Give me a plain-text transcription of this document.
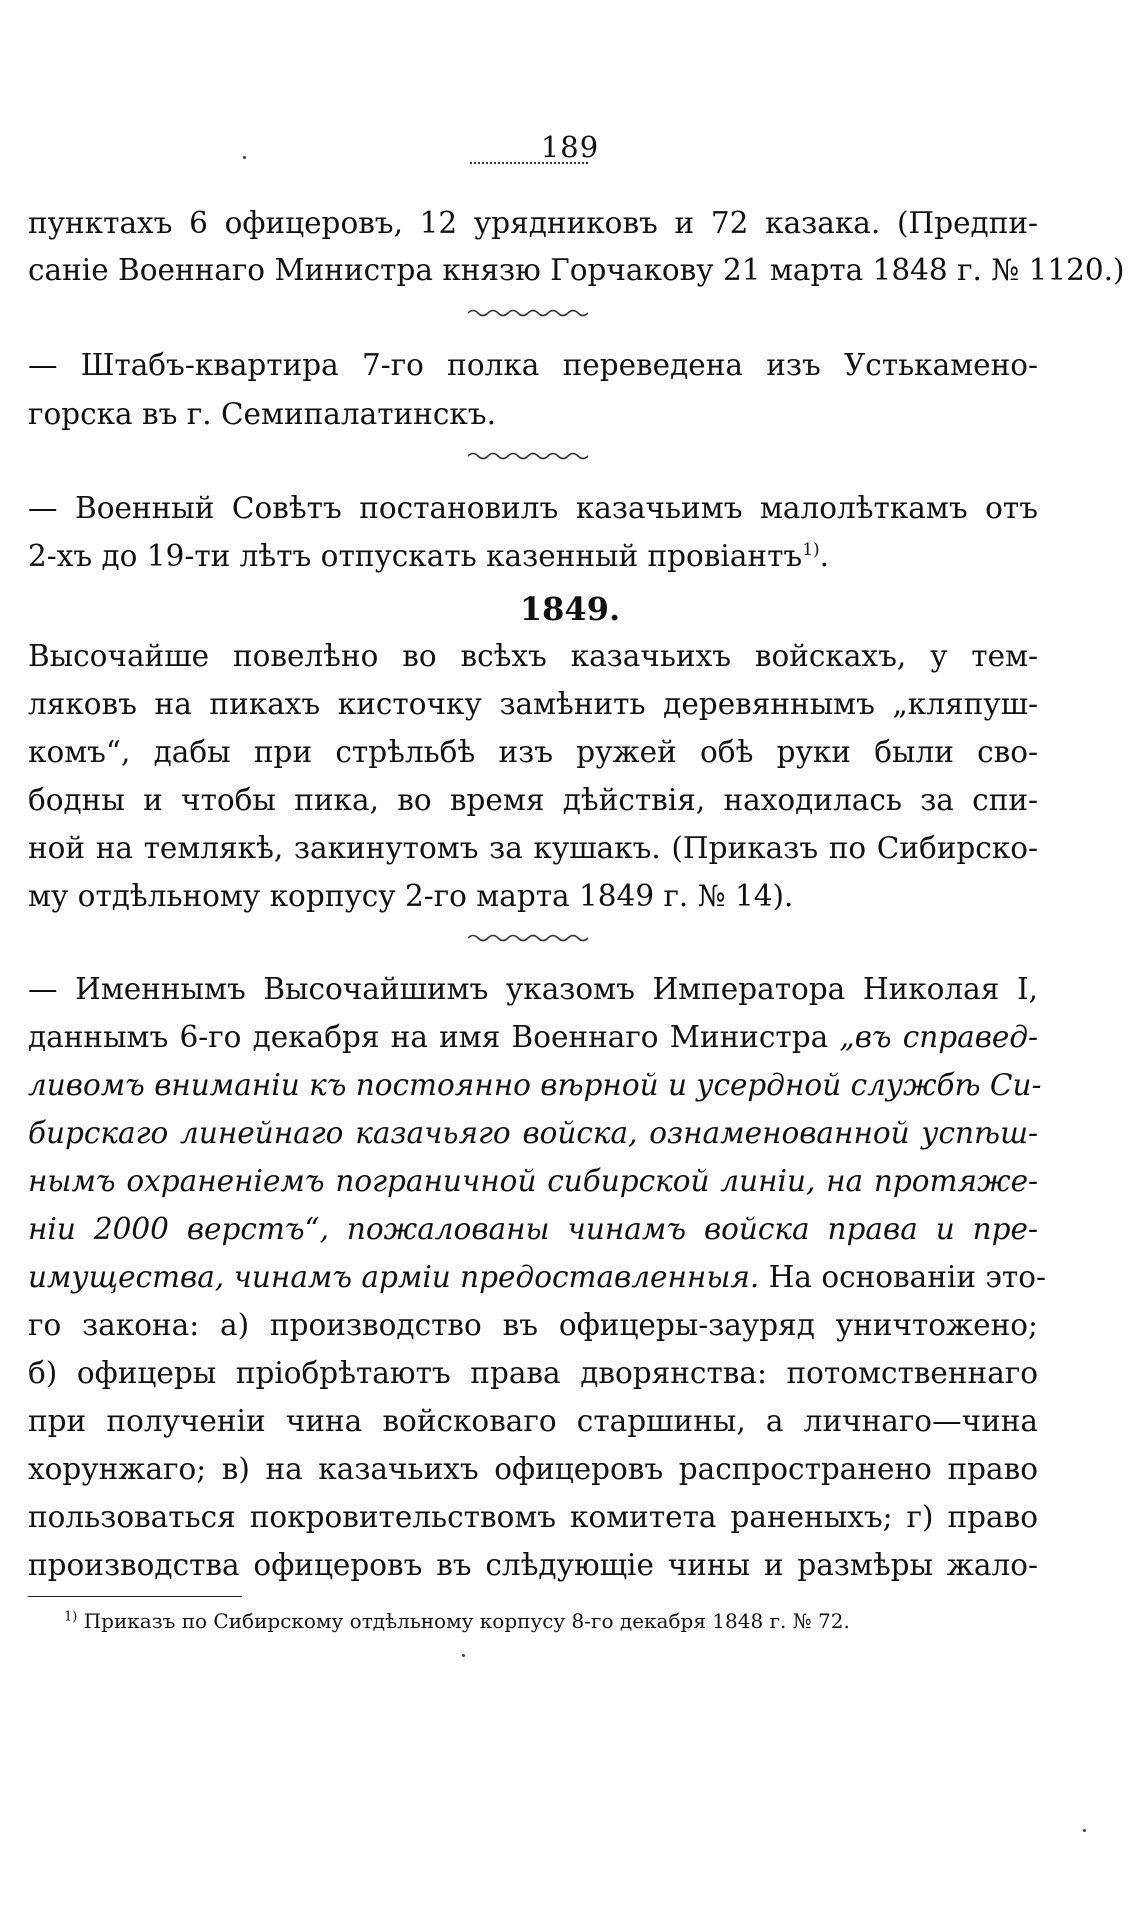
189
пунктахъ 6 офицеровъ, 12 урядниковъ и 72 казака. (Предпи-
саніе Военнаго Министра князю Горчакову 21 марта 1848 г. № 1120.)
— Штабъ-квартира 7-го полка переведена изъ Устькамено-
горска въ г. Семипалатинскъ.
— Военный Совѣтъ постановилъ казачьимъ малолѣткамъ отъ
2-хъ до 19-ти лѣтъ отпускать казенный провіантъ$^{1)}$.
1849.
Высочайше повелѣно во всѣхъ казачьихъ войскахъ, у тем-
ляковъ на пикахъ кисточку замѣнить деревяннымъ „кляпуш-
комъ“, дабы при стрѣльбѣ изъ ружей обѣ руки были сво-
бодны и чтобы пика, во время дѣйствія, находилась за спи-
ной на темлякѣ, закинутомъ за кушакъ. (Приказъ по Сибирско-
му отдѣльному корпусу 2-го марта 1849 г. № 14).
— Именнымъ Высочайшимъ указомъ Императора Николая I,
даннымъ 6-го декабря на имя Военнаго Министра „въ справед-
ливомъ вниманіи къ постоянно вѣрной и усердной службѣ Си-
бирскаго линейнаго казачьяго войска, ознаменованной успѣш-
нымъ охраненіемъ пограничной сибирской линіи, на протяже-
ніи 2000 верстъ“, пожалованы чинамъ войска права и пре-
имущества, чинамъ арміи предоставленныя. На основаніи это-
го закона: а) производство въ офицеры-зауряд уничтожено;
б) офицеры пріобрѣтаютъ права дворянства: потомственнаго
при полученіи чина войсковаго старшины, а личнаго—чина
хорунжаго; в) на казачьихъ офицеровъ распространено право
пользоваться покровительствомъ комитета раненыхъ; г) право
производства офицеровъ въ слѣдующіе чины и размѣры жало-
$^{1)}$ Приказъ по Сибирскому отдѣльному корпусу 8-го декабря 1848 г. № 72.
